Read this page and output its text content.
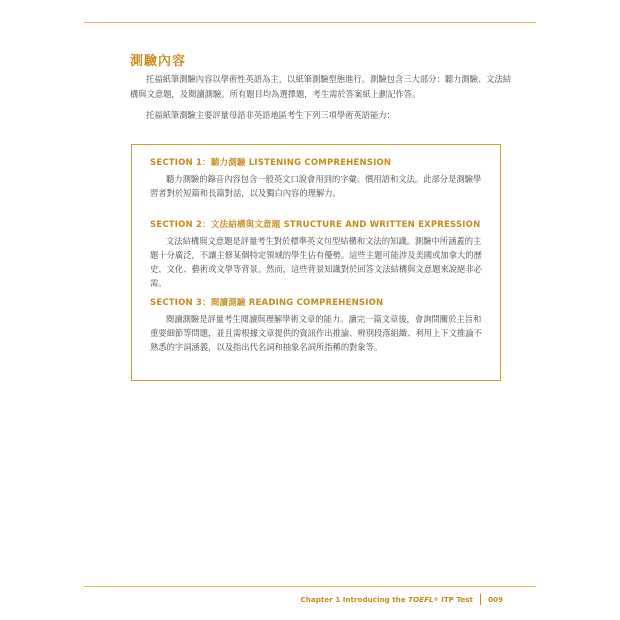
測驗內容

托福紙筆測驗內容以學術性英語為主，以紙筆測驗型態進行。測驗包含三大部分：聽力測驗、文法結構與文意題，及閱讀測驗。所有題目均為選擇題，考生需於答案紙上劃記作答。

托福紙筆測驗主要評量母語非英語地區考生下列三項學術英語能力：

SECTION 1：聽力測驗 LISTENING COMPREHENSION

聽力測驗的錄音內容包含一般英文口說會用到的字彙、慣用語和文法。此部分是測驗學習者對於短篇和長篇對話，以及獨白內容的理解力。

SECTION 2：文法結構與文意題 STRUCTURE AND WRITTEN EXPRESSION

文法結構與文意題是評量考生對於標準英文句型結構和文法的知識。測驗中所涵蓋的主題十分廣泛，不讓主修某個特定領域的學生佔有優勢。這些主題可能涉及美國或加拿大的歷史、文化、藝術或文學等背景。然而，這些背景知識對於回答文法結構與文意題來說絕非必需。

SECTION 3：閱讀測驗 READING COMPREHENSION

閱讀測驗是評量考生閱讀與理解學術文章的能力。讀完一篇文章後，會詢問關於主旨和重要細節等問題，並且需根據文章提供的資訊作出推論、辨別段落組織、利用上下文推論不熟悉的字詞涵義，以及指出代名詞和抽象名詞所指稱的對象等。

Chapter 1 Introducing the
TOEFL ®
ITP Test 009
